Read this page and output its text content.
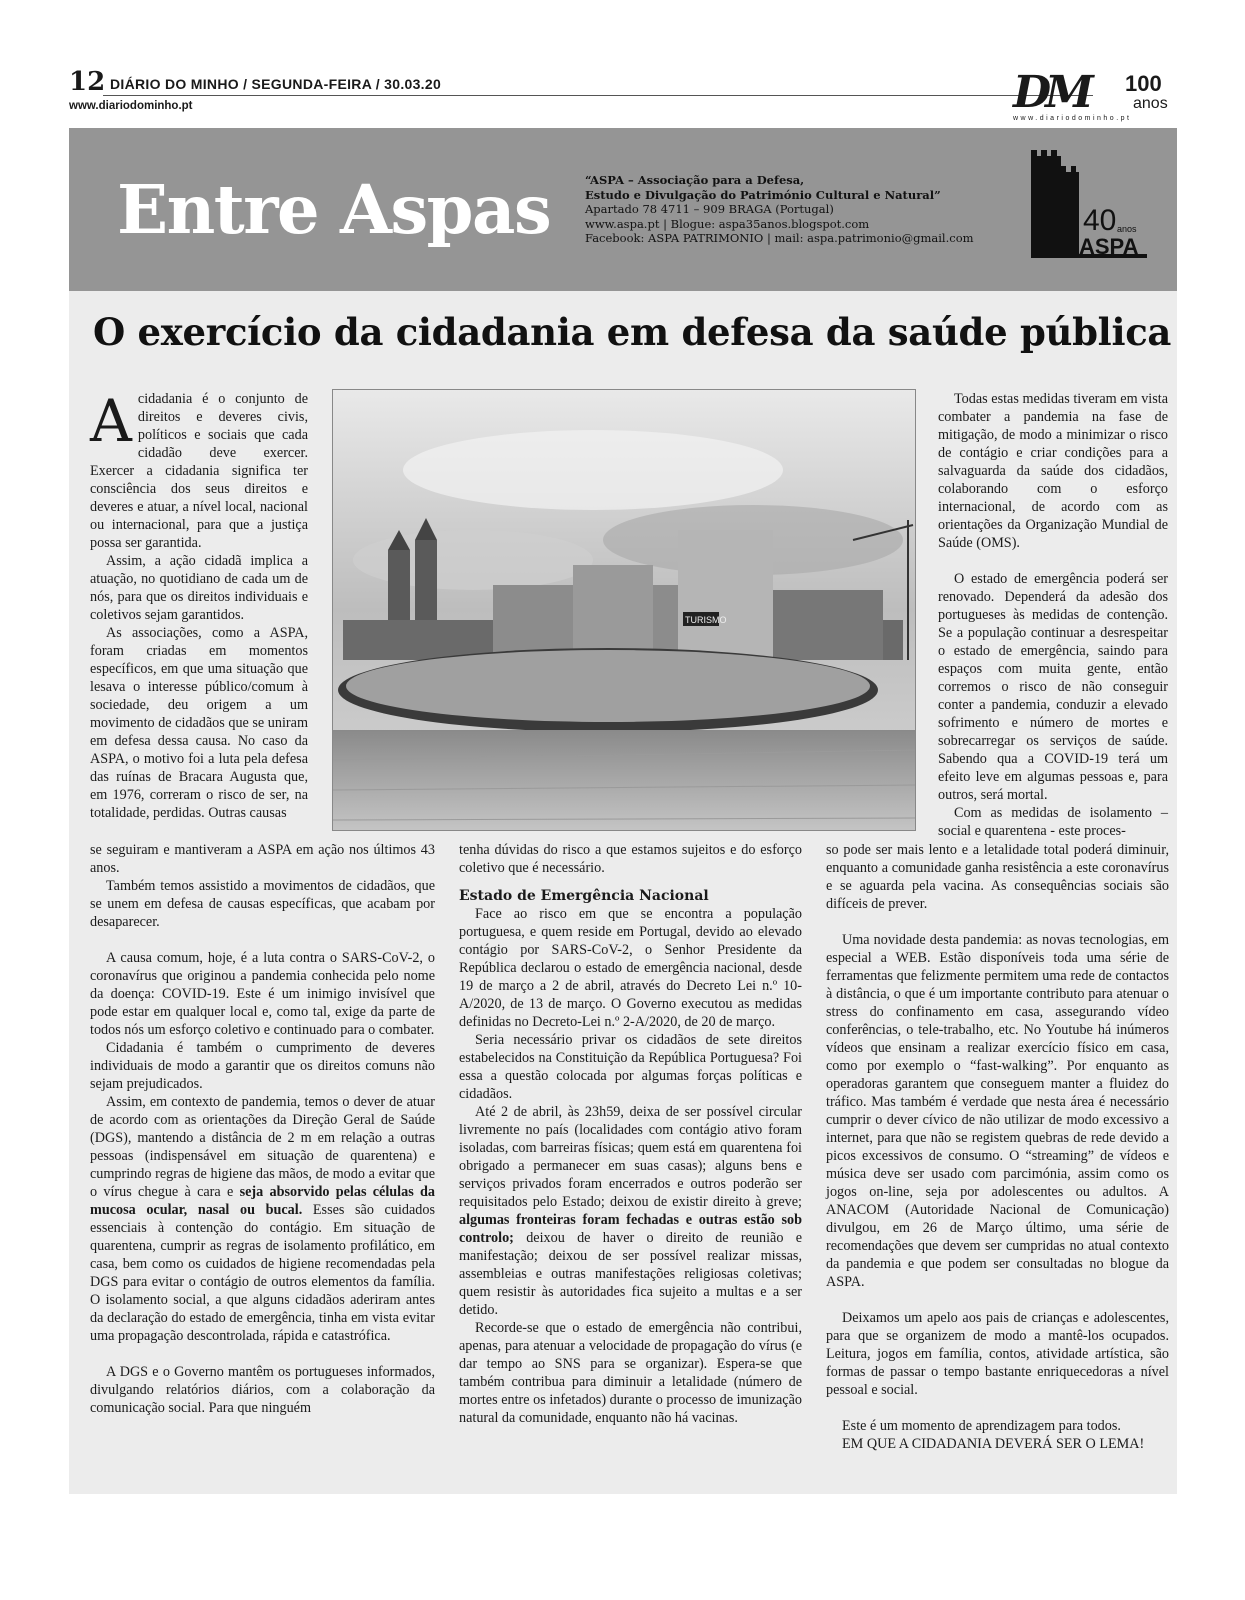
12 DIÁRIO DO MINHO / SEGUNDA-FEIRA / 30.03.20
www.diariodominho.pt	DM 100
anos
www.diariodominho.pt
Entre Aspas	“ASPA – Associação para a Defesa,
Estudo e Divulgação do Património Cultural e Natural”
Apartado 78 4711 – 909 BRAGA (Portugal)
www.aspa.pt | Blogue: aspa35anos.blogspot.com
Facebook: ASPA PATRIMONIO | mail: aspa.patrimonio@gmail.com
40 anos
ASPA
O exercício da cidadania em defesa da saúde pública
A cidadania é o conjunto de direitos e deveres civis, políticos e sociais que cada cidadão deve exercer. Exercer a cidadania significa ter consciência dos seus direitos e deveres e atuar, a nível local, nacional ou internacional, para que a justiça possa ser garantida.

Assim, a ação cidadã implica a atuação, no quotidiano de cada um de nós, para que os direitos individuais e coletivos sejam garantidos.

As associações, como a ASPA, foram criadas em momentos específicos, em que uma situação que lesava o interesse público/comum à sociedade, deu origem a um movimento de cidadãos que se uniram em defesa dessa causa. No caso da ASPA, o motivo foi a luta pela defesa das ruínas de Bracara Augusta que, em 1976, correram o risco de ser, na totalidade, perdidas. Outras causas

TURISMO

se seguiram e mantiveram a ASPA em ação nos últimos 43 anos.

Também temos assistido a movimentos de cidadãos, que se unem em defesa de causas específicas, que acabam por desaparecer.

A causa comum, hoje, é a luta contra o SARS-CoV-2, o coronavírus que originou a pandemia conhecida pelo nome da doença: COVID-19. Este é um inimigo invisível que pode estar em qualquer local e, como tal, exige da parte de todos nós um esforço coletivo e continuado para o combater.

Cidadania é também o cumprimento de deveres individuais de modo a garantir que os direitos comuns não sejam prejudicados.

Assim, em contexto de pandemia, temos o dever de atuar de acordo com as orientações da Direção Geral de Saúde (DGS), mantendo a distância de 2 m em relação a outras pessoas (indispensável em situação de quarentena) e cumprindo regras de higiene das mãos, de modo a evitar que o vírus chegue à cara e seja absorvido pelas células da mucosa ocular, nasal ou bucal. Esses são cuidados essenciais à contenção do contágio. Em situação de quarentena, cumprir as regras de isolamento profilático, em casa, bem como os cuidados de higiene recomendadas pela DGS para evitar o contágio de outros elementos da família. O isolamento social, a que alguns cidadãos aderiram antes da declaração do estado de emergência, tinha em vista evitar uma propagação descontrolada, rápida e catastrófica.

A DGS e o Governo mantêm os portugueses informados, divulgando relatórios diários, com a colaboração da comunicação social. Para que ninguém

tenha dúvidas do risco a que estamos sujeitos e do esforço coletivo que é necessário.

Estado de Emergência Nacional

Face ao risco em que se encontra a população portuguesa, e quem reside em Portugal, devido ao elevado contágio por SARS-CoV-2, o Senhor Presidente da República declarou o estado de emergência nacional, desde 19 de março a 2 de abril, através do Decreto Lei n.º 10-A/2020, de 13 de março. O Governo executou as medidas definidas no Decreto-Lei n.º 2-A/2020, de 20 de março.

Seria necessário privar os cidadãos de sete direitos estabelecidos na Constituição da República Portuguesa? Foi essa a questão colocada por algumas forças políticas e cidadãos.

Até 2 de abril, às 23h59, deixa de ser possível circular livremente no país (localidades com contágio ativo foram isoladas, com barreiras físicas; quem está em quarentena foi obrigado a permanecer em suas casas); alguns bens e serviços privados foram encerrados e outros poderão ser requisitados pelo Estado; deixou de existir direito à greve; algumas fronteiras foram fechadas e outras estão sob controlo; deixou de haver o direito de reunião e manifestação; deixou de ser possível realizar missas, assembleias e outras manifestações religiosas coletivas; quem resistir às autoridades fica sujeito a multas e a ser detido.

Recorde-se que o estado de emergência não contribui, apenas, para atenuar a velocidade de propagação do vírus (e dar tempo ao SNS para se organizar). Espera-se que também contribua para diminuir a letalidade (número de mortes entre os infetados) durante o processo de imunização natural da comunidade, enquanto não há vacinas.

Todas estas medidas tiveram em vista combater a pandemia na fase de mitigação, de modo a minimizar o risco de contágio e criar condições para a salvaguarda da saúde dos cidadãos, colaborando com o esforço internacional, de acordo com as orientações da Organização Mundial de Saúde (OMS).

O estado de emergência poderá ser renovado. Dependerá da adesão dos portugueses às medidas de contenção. Se a população continuar a desrespeitar o estado de emergência, saindo para espaços com muita gente, então corremos o risco de não conseguir conter a pandemia, conduzir a elevado sofrimento e número de mortes e sobrecarregar os serviços de saúde. Sabendo qua a COVID-19 terá um efeito leve em algumas pessoas e, para outros, será mortal.

Com as medidas de isolamento – social e quarentena - este proces-

so pode ser mais lento e a letalidade total poderá diminuir, enquanto a comunidade ganha resistência a este coronavírus e se aguarda pela vacina. As consequências sociais são difíceis de prever.

Uma novidade desta pandemia: as novas tecnologias, em especial a WEB. Estão disponíveis toda uma série de ferramentas que felizmente permitem uma rede de contactos à distância, o que é um importante contributo para atenuar o stress do confinamento em casa, assegurando vídeo conferências, o tele-trabalho, etc. No Youtube há inúmeros vídeos que ensinam a realizar exercício físico em casa, como por exemplo o “fast-walking”. Por enquanto as operadoras garantem que conseguem manter a fluidez do tráfico. Mas também é verdade que nesta área é necessário cumprir o dever cívico de não utilizar de modo excessivo a internet, para que não se registem quebras de rede devido a picos excessivos de consumo. O “streaming” de vídeos e música deve ser usado com parcimónia, assim como os jogos on-line, seja por adolescentes ou adultos. A ANACOM (Autoridade Nacional de Comunicação) divulgou, em 26 de Março último, uma série de recomendações que devem ser cumpridas no atual contexto da pandemia e que podem ser consultadas no blogue da ASPA.

Deixamos um apelo aos pais de crianças e adolescentes, para que se organizem de modo a mantê-los ocupados. Leitura, jogos em família, contos, atividade artística, são formas de passar o tempo bastante enriquecedoras a nível pessoal e social.

Este é um momento de aprendizagem para todos.

EM QUE A CIDADANIA DEVERÁ SER O LEMA!
